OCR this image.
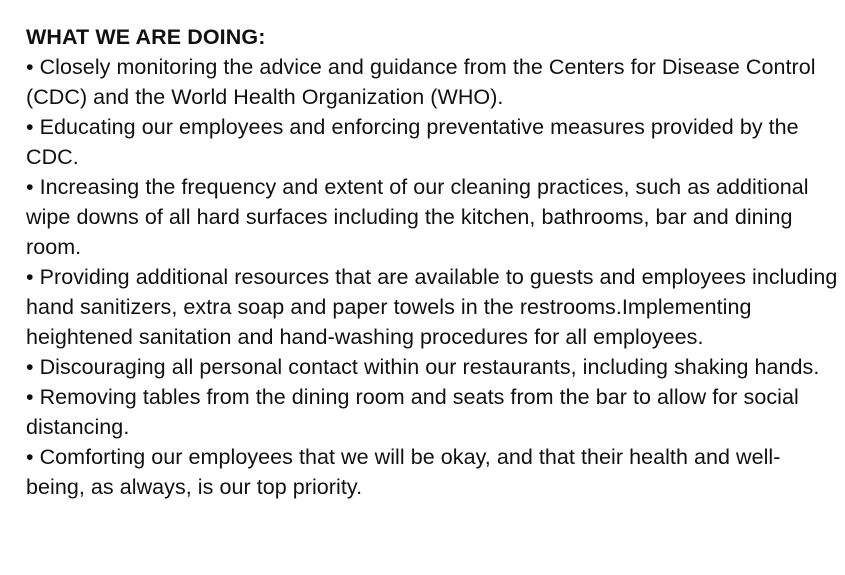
WHAT WE ARE DOING:
• Closely monitoring the advice and guidance from the Centers for Disease Control (CDC) and the World Health Organization (WHO).
• Educating our employees and enforcing preventative measures provided by the CDC.
• Increasing the frequency and extent of our cleaning practices, such as additional wipe downs of all hard surfaces including the kitchen, bathrooms, bar and dining room.
• Providing additional resources that are available to guests and employees including hand sanitizers, extra soap and paper towels in the restrooms.Implementing heightened sanitation and hand-washing procedures for all employees.
• Discouraging all personal contact within our restaurants, including shaking hands.
• Removing tables from the dining room and seats from the bar to allow for social distancing.
• Comforting our employees that we will be okay, and that their health and well-being, as always, is our top priority.
